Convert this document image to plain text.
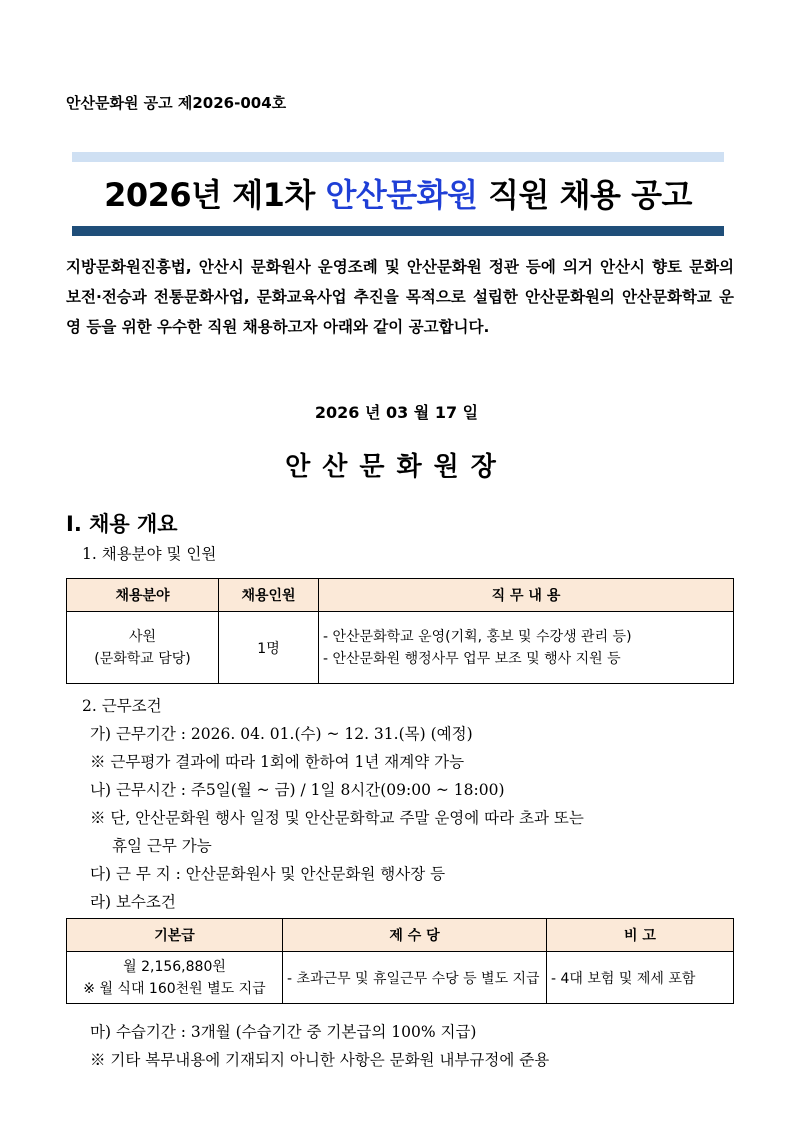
안산문화원 공고 제2026-004호
2026년 제1차 안산문화원 직원 채용 공고
지방문화원진흥법, 안산시 문화원사 운영조례 및 안산문화원 정관 등에 의거 안산시 향토 문화의 보전·전승과 전통문화사업, 문화교육사업 추진을 목적으로 설립한 안산문화원의 안산문화학교 운영 등을 위한 우수한 직원 채용하고자 아래와 같이 공고합니다.
2026 년 03 월 17 일
안산문화원장
Ⅰ. 채용 개요
1. 채용분야 및 인원
채용분야	채용인원	직 무 내 용

사원
(문화학교 담당)	1명	- 안산문화학교 운영(기획, 홍보 및 수강생 관리 등)
- 안산문화원 행정사무 업무 보조 및 행사 지원 등
2. 근무조건
가) 근무기간 : 2026. 04. 01.(수) ~ 12. 31.(목) (예정)
※ 근무평가 결과에 따라 1회에 한하여 1년 재계약 가능
나) 근무시간 : 주5일(월 ~ 금) / 1일 8시간(09:00 ~ 18:00)
※ 단, 안산문화원 행사 일정 및 안산문화학교 주말 운영에 따라 초과 또는
휴일 근무 가능
다) 근 무 지 : 안산문화원사 및 안산문화원 행사장 등
라) 보수조건
기본급	제 수 당	비 고

월 2,156,880원
※ 월 식대 160천원 별도 지급	- 초과근무 및 휴일근무 수당 등 별도 지급	- 4대 보험 및 제세 포함
마) 수습기간 : 3개월 (수습기간 중 기본급의 100% 지급)
※ 기타 복무내용에 기재되지 아니한 사항은 문화원 내부규정에 준용
